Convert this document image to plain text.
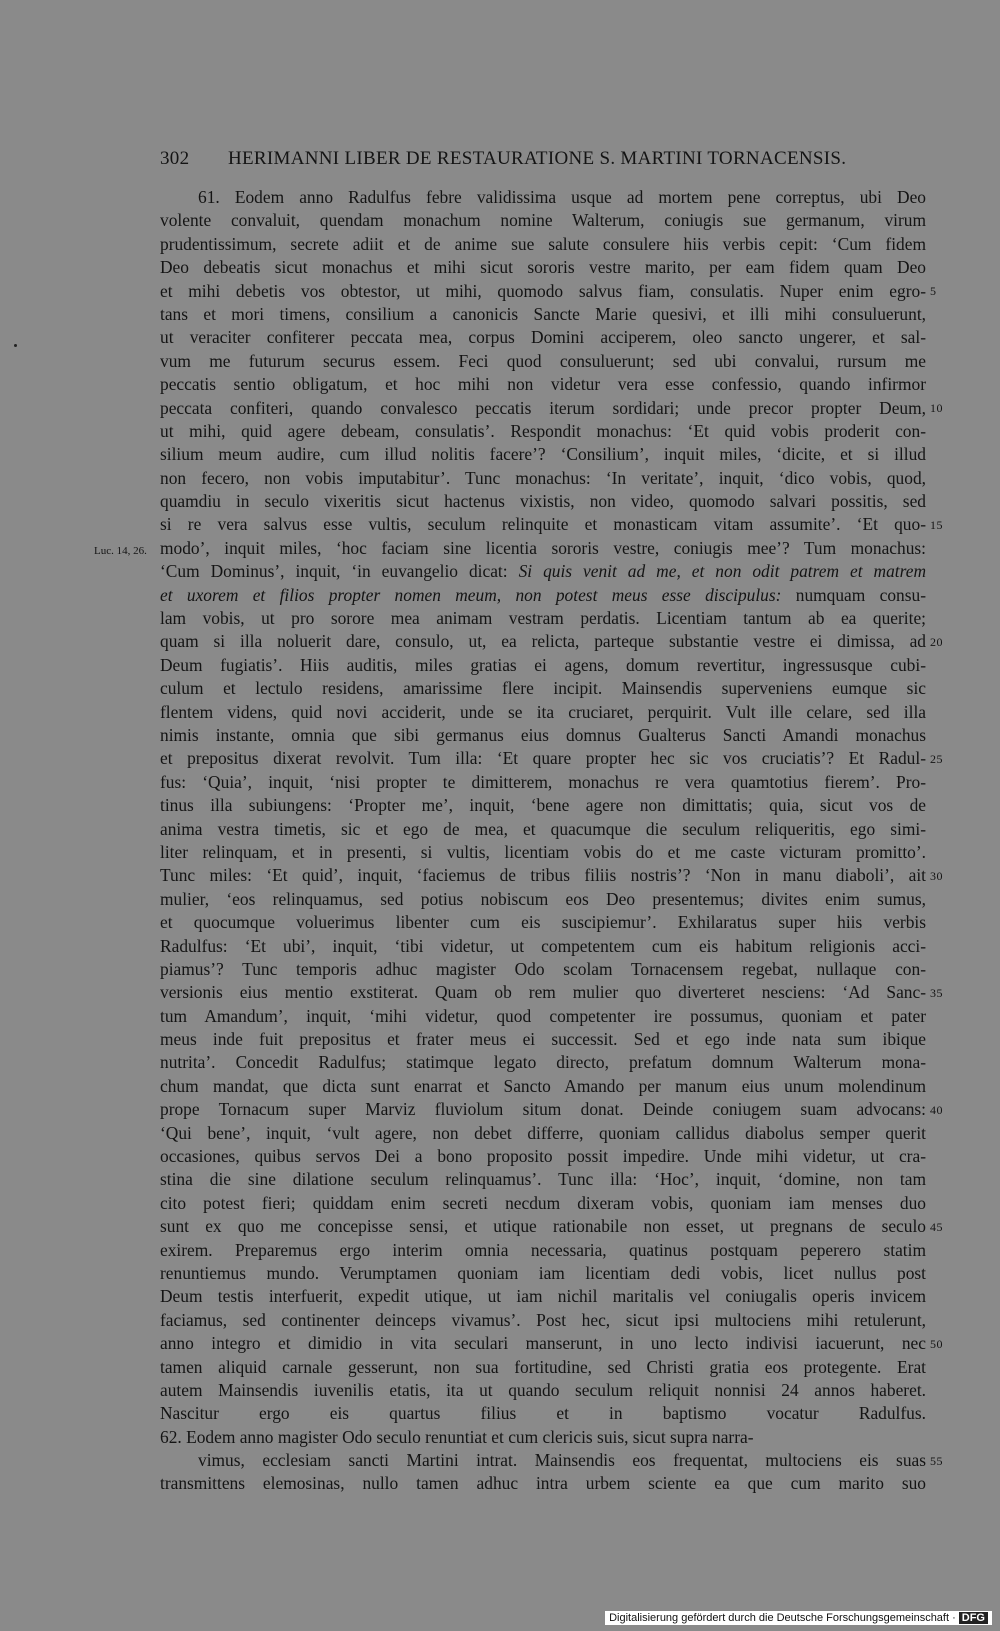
302 HERIMANNI LIBER DE RESTAURATIONE S. MARTINI TORNACENSIS.
Luc. 14, 26.
61. Eodem anno Radulfus febre validissima usque ad mortem pene correptus, ubi Deo
volente convaluit, quendam monachum nomine Walterum, coniugis sue germanum, virum
prudentissimum, secrete adiit et de anime sue salute consulere hiis verbis cepit: ‘Cum fidem
Deo debeatis sicut monachus et mihi sicut sororis vestre marito, per eam fidem quam Deo
et mihi debetis vos obtestor, ut mihi, quomodo salvus fiam, consulatis. Nuper enim egro-
tans et mori timens, consilium a canonicis Sancte Marie quesivi, et illi mihi consuluerunt,
ut veraciter confiterer peccata mea, corpus Domini acciperem, oleo sancto ungerer, et sal-
vum me futurum securus essem. Feci quod consuluerunt; sed ubi convalui, rursum me
peccatis sentio obligatum, et hoc mihi non videtur vera esse confessio, quando infirmor
peccata confiteri, quando convalesco peccatis iterum sordidari; unde precor propter Deum,
ut mihi, quid agere debeam, consulatis’. Respondit monachus: ‘Et quid vobis proderit con-
silium meum audire, cum illud nolitis facere’? ‘Consilium’, inquit miles, ‘dicite, et si illud
non fecero, non vobis imputabitur’. Tunc monachus: ‘In veritate’, inquit, ‘dico vobis, quod,
quamdiu in seculo vixeritis sicut hactenus vixistis, non video, quomodo salvari possitis, sed
si re vera salvus esse vultis, seculum relinquite et monasticam vitam assumite’. ‘Et quo-
modo’, inquit miles, ‘hoc faciam sine licentia sororis vestre, coniugis mee’? Tum monachus:
‘Cum Dominus’, inquit, ‘in euvangelio dicat: Si quis venit ad me, et non odit patrem et matrem
et uxorem et filios propter nomen meum, non potest meus esse discipulus: numquam consu-
lam vobis, ut pro sorore mea animam vestram perdatis. Licentiam tantum ab ea querite;
quam si illa noluerit dare, consulo, ut, ea relicta, parteque substantie vestre ei dimissa, ad
Deum fugiatis’. Hiis auditis, miles gratias ei agens, domum revertitur, ingressusque cubi-
culum et lectulo residens, amarissime flere incipit. Mainsendis superveniens eumque sic
flentem videns, quid novi acciderit, unde se ita cruciaret, perquirit. Vult ille celare, sed illa
nimis instante, omnia que sibi germanus eius domnus Gualterus Sancti Amandi monachus
et prepositus dixerat revolvit. Tum illa: ‘Et quare propter hec sic vos cruciatis’? Et Radul-
fus: ‘Quia’, inquit, ‘nisi propter te dimitterem, monachus re vera quamtotius fierem’. Pro-
tinus illa subiungens: ‘Propter me’, inquit, ‘bene agere non dimittatis; quia, sicut vos de
anima vestra timetis, sic et ego de mea, et quacumque die seculum reliqueritis, ego simi-
liter relinquam, et in presenti, si vultis, licentiam vobis do et me caste victuram promitto’.
Tunc miles: ‘Et quid’, inquit, ‘faciemus de tribus filiis nostris’? ‘Non in manu diaboli’, ait
mulier, ‘eos relinquamus, sed potius nobiscum eos Deo presentemus; divites enim sumus,
et quocumque voluerimus libenter cum eis suscipiemur’. Exhilaratus super hiis verbis
Radulfus: ‘Et ubi’, inquit, ‘tibi videtur, ut competentem cum eis habitum religionis acci-
piamus’? Tunc temporis adhuc magister Odo scolam Tornacensem regebat, nullaque con-
versionis eius mentio exstiterat. Quam ob rem mulier quo diverteret nesciens: ‘Ad Sanc-
tum Amandum’, inquit, ‘mihi videtur, quod competenter ire possumus, quoniam et pater
meus inde fuit prepositus et frater meus ei successit. Sed et ego inde nata sum ibique
nutrita’. Concedit Radulfus; statimque legato directo, prefatum domnum Walterum mona-
chum mandat, que dicta sunt enarrat et Sancto Amando per manum eius unum molendinum
prope Tornacum super Marviz fluviolum situm donat. Deinde coniugem suam advocans:
‘Qui bene’, inquit, ‘vult agere, non debet differre, quoniam callidus diabolus semper querit
occasiones, quibus servos Dei a bono proposito possit impedire. Unde mihi videtur, ut cra-
stina die sine dilatione seculum relinquamus’. Tunc illa: ‘Hoc’, inquit, ‘domine, non tam
cito potest fieri; quiddam enim secreti necdum dixeram vobis, quoniam iam menses duo
sunt ex quo me concepisse sensi, et utique rationabile non esset, ut pregnans de seculo
exirem. Preparemus ergo interim omnia necessaria, quatinus postquam peperero statim
renuntiemus mundo. Verumptamen quoniam iam licentiam dedi vobis, licet nullus post
Deum testis interfuerit, expedit utique, ut iam nichil maritalis vel coniugalis operis invicem
faciamus, sed continenter deinceps vivamus’. Post hec, sicut ipsi multociens mihi retulerunt,
anno integro et dimidio in vita seculari manserunt, in uno lecto indivisi iacuerunt, nec
tamen aliquid carnale gesserunt, non sua fortitudine, sed Christi gratia eos protegente. Erat
autem Mainsendis iuvenilis etatis, ita ut quando seculum reliquit nonnisi 24 annos haberet.
Nascitur ergo eis quartus filius et in baptismo vocatur Radulfus.
62. Eodem anno magister Odo seculo renuntiat et cum clericis suis, sicut supra narra-
vimus, ecclesiam sancti Martini intrat. Mainsendis eos frequentat, multociens eis suas
transmittens elemosinas, nullo tamen adhuc intra urbem sciente ea que cum marito suo
5
10
15
20
25
30
35
40
45
50
55
Digitalisierung gefördert durch die Deutsche Forschungsgemeinschaft · DFG
